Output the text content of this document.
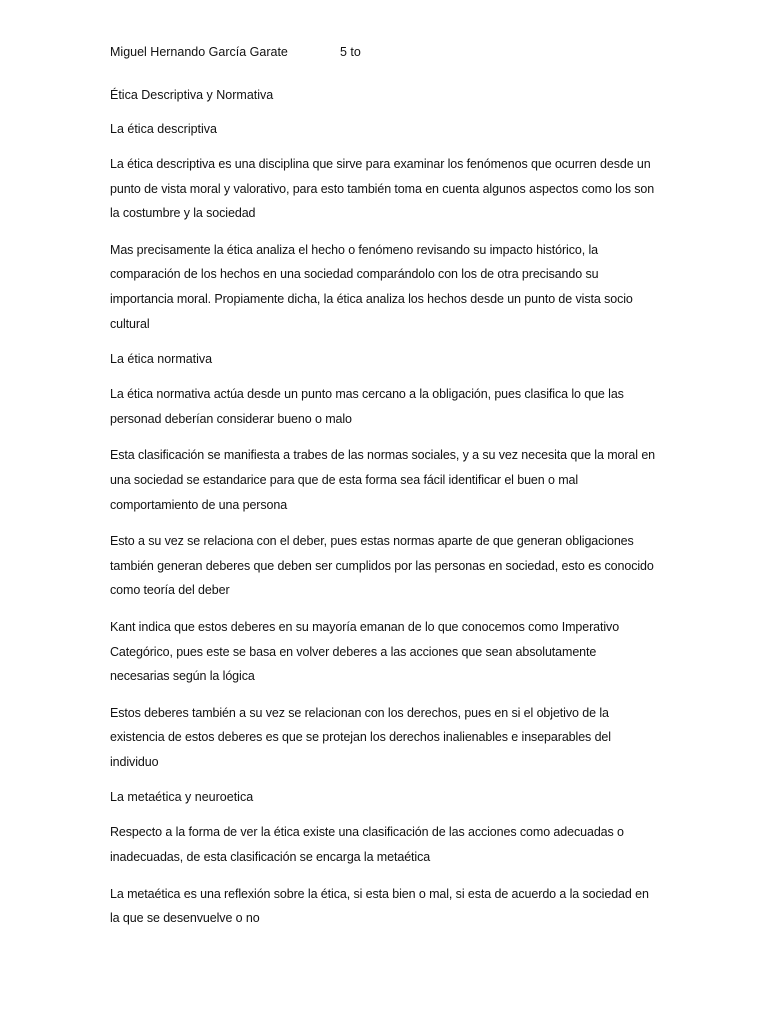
Miguel Hernando García Garate	5 to
Ética Descriptiva y Normativa
La ética descriptiva

La ética descriptiva es una disciplina que sirve para examinar los fenómenos que ocurren desde un punto de vista moral y valorativo, para esto también toma en cuenta algunos aspectos como los son la costumbre y la sociedad

Mas precisamente la ética analiza el hecho o fenómeno revisando su impacto histórico, la comparación de los hechos en una sociedad comparándolo con los de otra precisando su importancia moral. Propiamente dicha, la ética analiza los hechos desde un punto de vista socio cultural

La ética normativa

La ética normativa actúa desde un punto mas cercano a la obligación, pues clasifica lo que las personad deberían considerar bueno o malo

Esta clasificación se manifiesta a trabes de las normas sociales, y a su vez necesita que la moral en una sociedad se estandarice para que de esta forma sea fácil identificar el buen o mal comportamiento de una persona

Esto a su vez se relaciona con el deber, pues estas normas aparte de que generan obligaciones también generan deberes que deben ser cumplidos por las personas en sociedad, esto es conocido como teoría del deber

Kant indica que estos deberes en su mayoría emanan de lo que conocemos como Imperativo Categórico, pues este se basa en volver deberes a las acciones que sean absolutamente necesarias según la lógica

Estos deberes también a su vez se relacionan con los derechos, pues en si el objetivo de la existencia de estos deberes es que se protejan los derechos inalienables e inseparables del individuo

La metaética y neuroetica

Respecto a la forma de ver la ética existe una clasificación de las acciones como adecuadas o inadecuadas, de esta clasificación se encarga la metaética

La metaética es una reflexión sobre la ética, si esta bien o mal, si esta de acuerdo a la sociedad en la que se desenvuelve o no
